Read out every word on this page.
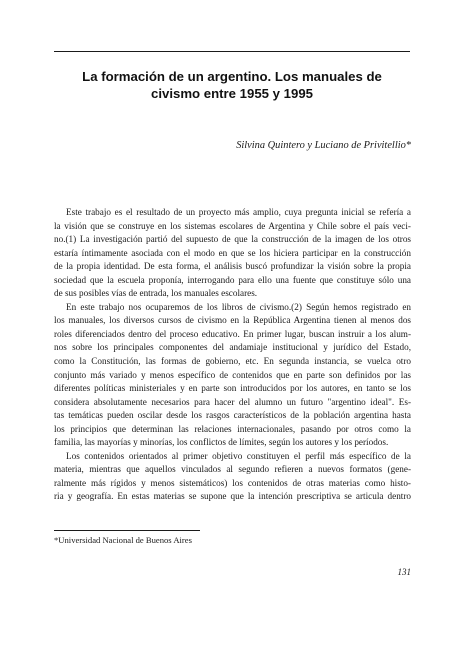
La formación de un argentino. Los manuales de
civismo entre 1955 y 1995
Silvina Quintero y Luciano de Privitellio*
Este trabajo es el resultado de un proyecto más amplio, cuya pregunta inicial se refería a
la visión que se construye en los sistemas escolares de Argentina y Chile sobre el país veci-
no.(1) La investigación partió del supuesto de que la construcción de la imagen de los otros
estaría íntimamente asociada con el modo en que se los hiciera participar en la construcción
de la propia identidad. De esta forma, el análisis buscó profundizar la visión sobre la propia
sociedad que la escuela proponía, interrogando para ello una fuente que constituye sólo una
de sus posibles vías de entrada, los manuales escolares.
En este trabajo nos ocuparemos de los libros de civismo.(2) Según hemos registrado en
los manuales, los diversos cursos de civismo en la República Argentina tienen al menos dos
roles diferenciados dentro del proceso educativo. En primer lugar, buscan instruir a los alum-
nos sobre los principales componentes del andamiaje institucional y jurídico del Estado,
como la Constitución, las formas de gobierno, etc. En segunda instancia, se vuelca otro
conjunto más variado y menos específico de contenidos que en parte son definidos por las
diferentes políticas ministeriales y en parte son introducidos por los autores, en tanto se los
considera absolutamente necesarios para hacer del alumno un futuro "argentino ideal". Es-
tas temáticas pueden oscilar desde los rasgos característicos de la población argentina hasta
los principios que determinan las relaciones internacionales, pasando por otros como la
familia, las mayorías y minorías, los conflictos de límites, según los autores y los períodos.
Los contenidos orientados al primer objetivo constituyen el perfil más específico de la
materia, mientras que aquellos vinculados al segundo refieren a nuevos formatos (gene-
ralmente más rígidos y menos sistemáticos) los contenidos de otras materias como histo-
ria y geografía. En estas materias se supone que la intención prescriptiva se articula dentro
*Universidad Nacional de Buenos Aires
131
